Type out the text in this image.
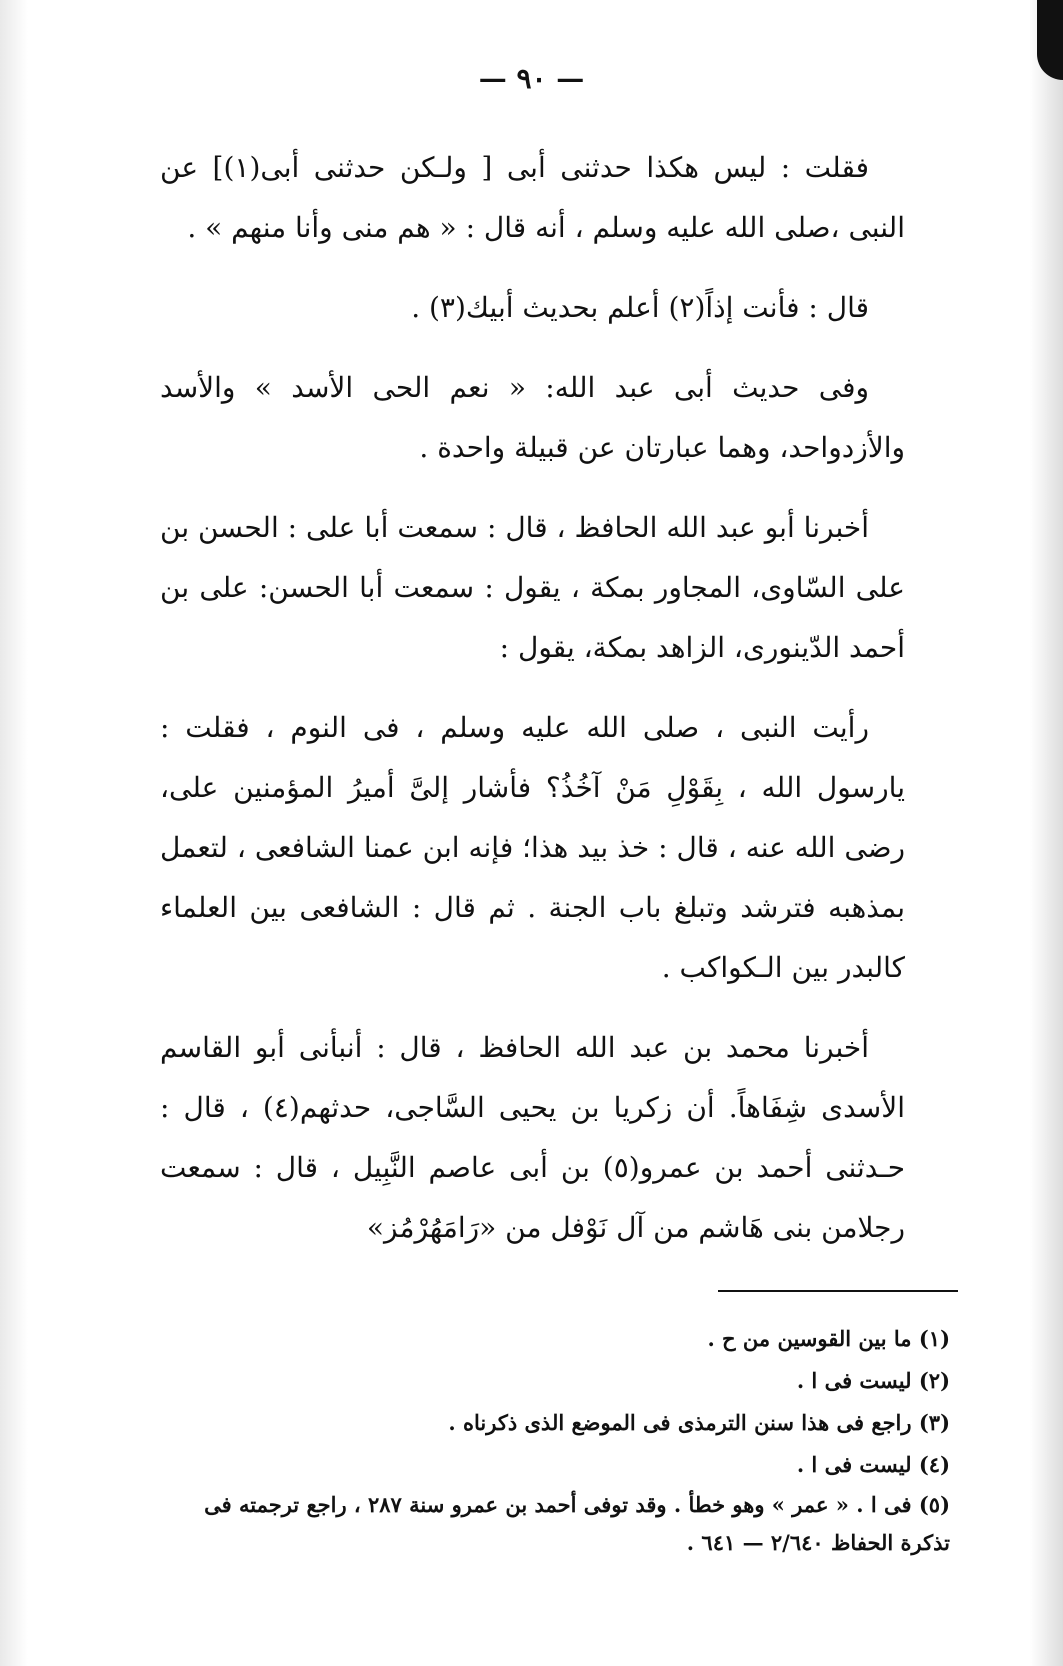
— ٩٠ —

فقلت : ليس هكذا حدثنى أبى [ ولـكن حدثنى أبى(١)] عن النبى ،صلى الله عليه وسلم ، أنه قال : « هم منى وأنا منهم » .

قال : فأنت إذاً(٢) أعلم بحديث أبيك(٣) .

وفى حديث أبى عبد الله: « نعم الحى الأسد » والأسد والأزدواحد، وهما عبارتان عن قبيلة واحدة .

أخبرنا أبو عبد الله الحافظ ، قال : سمعت أبا على : الحسن بن على السّاوى، المجاور بمكة ، يقول : سمعت أبا الحسن: على بن أحمد الدّينورى، الزاهد بمكة، يقول :

رأيت النبى ، صلى الله عليه وسلم ، فى النوم ، فقلت : يارسول الله ، بِقَوْلِ مَنْ آخُذُ؟ فأشار إلىَّ أميرُ المؤمنين على، رضى الله عنه ، قال : خذ بيد هذا؛ فإنه ابن عمنا الشافعى ، لتعمل بمذهبه فترشد وتبلغ باب الجنة . ثم قال : الشافعى بين العلماء كالبدر بين الـكواكب .

أخبرنا محمد بن عبد الله الحافظ ، قال : أنبأنى أبو القاسم الأسدى شِفَاهاً. أن زكريا بن يحيى السَّاجى، حدثهم(٤) ، قال : حـدثنى أحمد بن عمرو(٥) بن أبى عاصم النَّبِيل ، قال : سمعت رجلامن بنى هَاشم من آل نَوْفل من «رَامَهُرْمُز»

(١) ما بين القوسين من ح .

(٢) ليست فى ا .

(٣) راجع فى هذا سنن الترمذى فى الموضع الذى ذكرناه .

(٤) ليست فى ا .

(٥) فى ا . « عمر » وهو خطأ . وقد توفى أحمد بن عمرو سنة ٢٨٧ ، راجع ترجمته فى تذكرة الحفاظ ٢/٦٤٠ — ٦٤١ .
